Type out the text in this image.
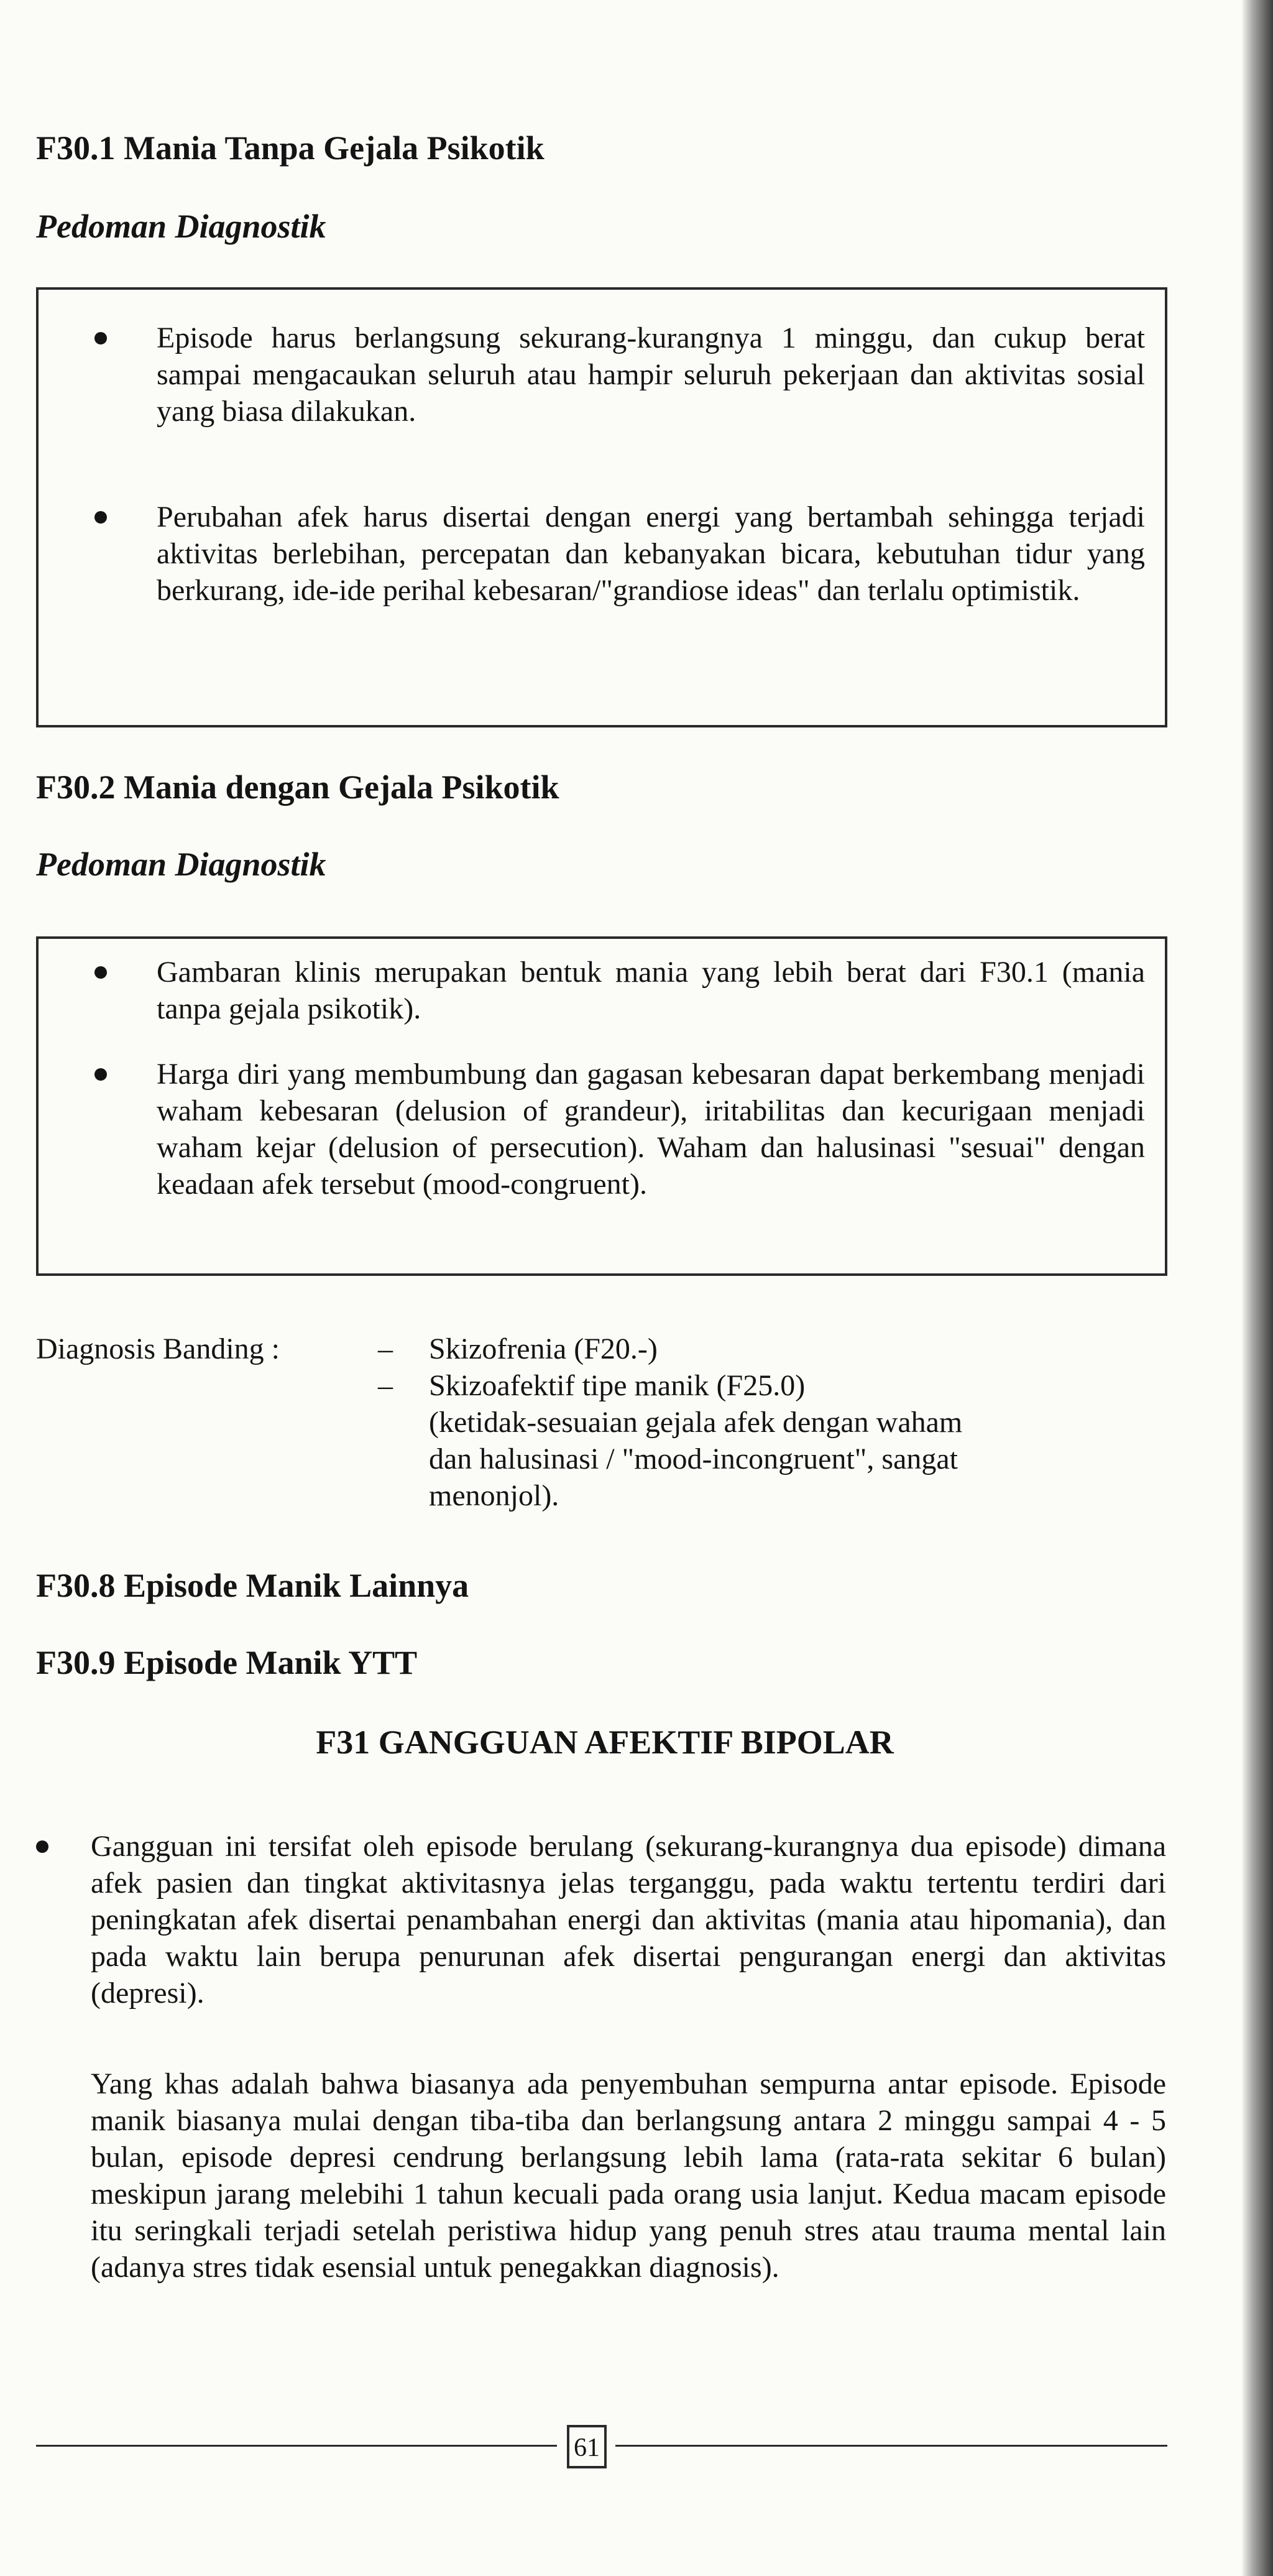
F30.1 Mania Tanpa Gejala Psikotik
Pedoman Diagnostik
Episode harus berlangsung sekurang-kurangnya 1 minggu, dan cukup berat sampai mengacaukan seluruh atau hampir seluruh pekerjaan dan aktivitas sosial yang biasa dilakukan.
Perubahan afek harus disertai dengan energi yang bertambah sehingga terjadi aktivitas berlebihan, percepatan dan kebanyakan bicara, kebutuhan tidur yang berkurang, ide-ide perihal kebesaran/"grandiose ideas" dan terlalu optimistik.
F30.2 Mania dengan Gejala Psikotik
Pedoman Diagnostik
Gambaran klinis merupakan bentuk mania yang lebih berat dari F30.1 (mania tanpa gejala psikotik).
Harga diri yang membumbung dan gagasan kebesaran dapat berkembang menjadi waham kebesaran (delusion of grandeur), iritabilitas dan kecurigaan menjadi waham kejar (delusion of persecution). Waham dan halusinasi "sesuai" dengan keadaan afek tersebut (mood-congruent).
Diagnosis Banding :	– Skizofrenia (F20.-)
– Skizoafektif tipe manik (F25.0)
(ketidak-sesuaian gejala afek dengan waham
dan halusinasi / "mood-incongruent", sangat
menonjol).
F30.8 Episode Manik Lainnya
F30.9 Episode Manik YTT
F31 GANGGUAN AFEKTIF BIPOLAR
Gangguan ini tersifat oleh episode berulang (sekurang-kurangnya dua episode) dimana afek pasien dan tingkat aktivitasnya jelas terganggu, pada waktu tertentu terdiri dari peningkatan afek disertai penambahan energi dan aktivitas (mania atau hipomania), dan pada waktu lain berupa penurunan afek disertai pengurangan energi dan aktivitas (depresi).
Yang khas adalah bahwa biasanya ada penyembuhan sempurna antar episode. Episode manik biasanya mulai dengan tiba-tiba dan berlangsung antara 2 minggu sampai 4 - 5 bulan, episode depresi cendrung berlangsung lebih lama (rata-rata sekitar 6 bulan) meskipun jarang melebihi 1 tahun kecuali pada orang usia lanjut. Kedua macam episode itu seringkali terjadi setelah peristiwa hidup yang penuh stres atau trauma mental lain (adanya stres tidak esensial untuk penegakkan diagnosis).
61
